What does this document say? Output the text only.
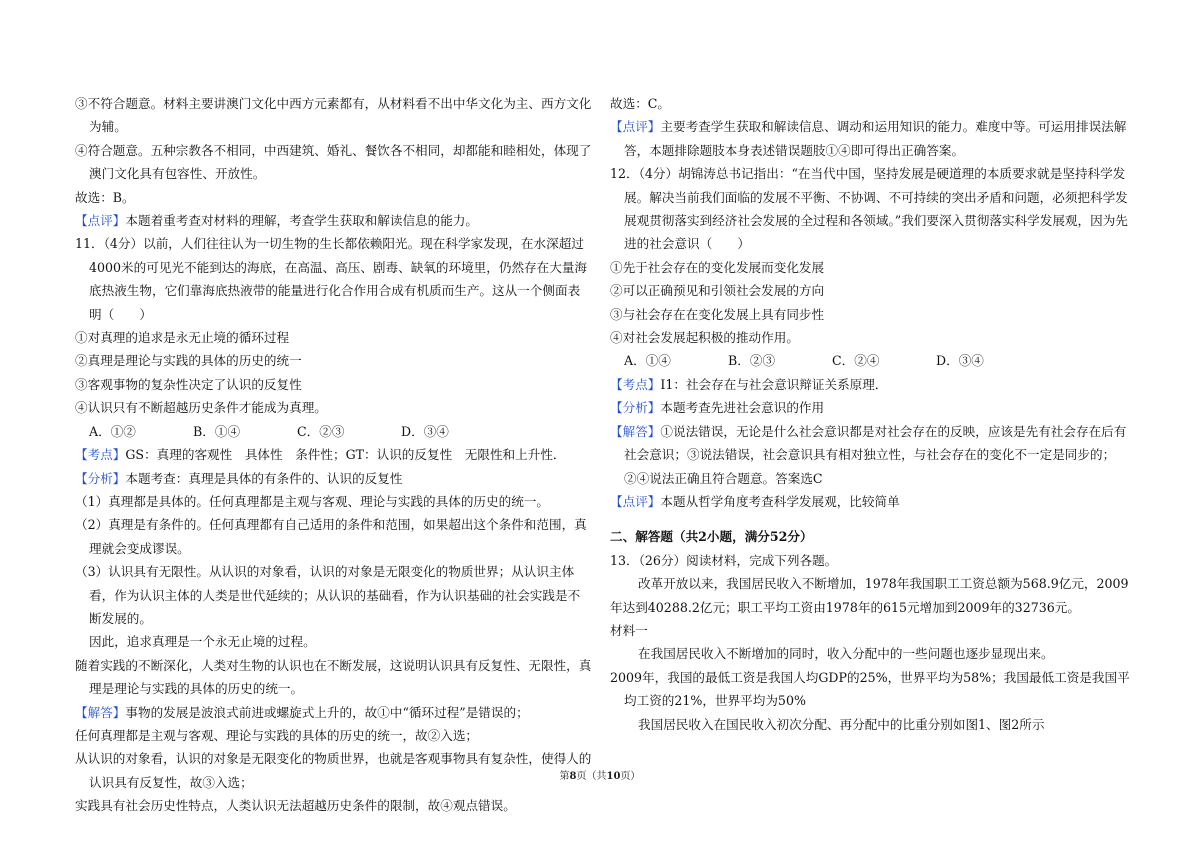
③不符合题意。材料主要讲澳门文化中西方元素都有，从材料看不出中华文化为主、西方文化为辅。

④符合题意。五种宗教各不相同，中西建筑、婚礼、餐饮各不相同，却都能和睦相处，体现了澳门文化具有包容性、开放性。

故选：B。

【点评】本题着重考查对材料的理解，考查学生获取和解读信息的能力。

11．（4分）以前，人们往往认为一切生物的生长都依赖阳光。现在科学家发现，在水深超过4000米的可见光不能到达的海底，在高温、高压、剧毒、缺氧的环境里，仍然存在大量海底热液生物，它们靠海底热液带的能量进行化合作用合成有机质而生产。这从一个侧面表明（　　）

①对真理的追求是永无止境的循环过程

②真理是理论与实践的具体的历史的统一

③客观事物的复杂性决定了认识的反复性

④认识只有不断超越历史条件才能成为真理。

A．①②	B．①④	C．②③	D．③④

【考点】GS：真理的客观性　具体性　条件性；GT：认识的反复性　无限性和上升性．

【分析】本题考查：真理是具体的有条件的、认识的反复性

（1）真理都是具体的。任何真理都是主观与客观、理论与实践的具体的历史的统一。

（2）真理是有条件的。任何真理都有自己适用的条件和范围，如果超出这个条件和范围，真理就会变成谬误。

（3）认识具有无限性。从认识的对象看，认识的对象是无限变化的物质世界；从认识主体看，作为认识主体的人类是世代延续的；从认识的基础看，作为认识基础的社会实践是不断发展的。

因此，追求真理是一个永无止境的过程。

随着实践的不断深化，人类对生物的认识也在不断发展，这说明认识具有反复性、无限性，真理是理论与实践的具体的历史的统一。

【解答】事物的发展是波浪式前进或螺旋式上升的，故①中“循环过程”是错误的；

任何真理都是主观与客观、理论与实践的具体的历史的统一，故②入选；

从认识的对象看，认识的对象是无限变化的物质世界，也就是客观事物具有复杂性，使得人的认识具有反复性，故③入选；

实践具有社会历史性特点，人类认识无法超越历史条件的限制，故④观点错误。

故选：C。

【点评】主要考查学生获取和解读信息、调动和运用知识的能力。难度中等。可运用排误法解答，本题排除题肢本身表述错误题肢①④即可得出正确答案。

12．（4分）胡锦涛总书记指出：“在当代中国，坚持发展是硬道理的本质要求就是坚持科学发展。解决当前我们面临的发展不平衡、不协调、不可持续的突出矛盾和问题，必须把科学发展观贯彻落实到经济社会发展的全过程和各领域。”我们要深入贯彻落实科学发展观，因为先进的社会意识（　　）

①先于社会存在的变化发展而变化发展

②可以正确预见和引领社会发展的方向

③与社会存在在变化发展上具有同步性

④对社会发展起积极的推动作用。

A．①④	B．②③	C．②④	D．③④

【考点】I1：社会存在与社会意识辩证关系原理．

【分析】本题考查先进社会意识的作用

【解答】①说法错误，无论是什么社会意识都是对社会存在的反映，应该是先有社会存在后有社会意识；③说法错误，社会意识具有相对独立性，与社会存在的变化不一定是同步的；②④说法正确且符合题意。答案选C

【点评】本题从哲学角度考查科学发展观，比较简单

二、解答题（共2小题，满分52分）

13．（26分）阅读材料，完成下列各题。

改革开放以来，我国居民收入不断增加，1978年我国职工工资总额为568.9亿元，2009年达到40288.2亿元；职工平均工资由1978年的615元增加到2009年的32736元。

材料一

在我国居民收入不断增加的同时，收入分配中的一些问题也逐步显现出来。

2009年，我国的最低工资是我国人均GDP的25%，世界平均为58%；我国最低工资是我国平均工资的21%，世界平均为50%

我国居民收入在国民收入初次分配、再分配中的比重分别如图1、图2所示

第8页（共10页）
